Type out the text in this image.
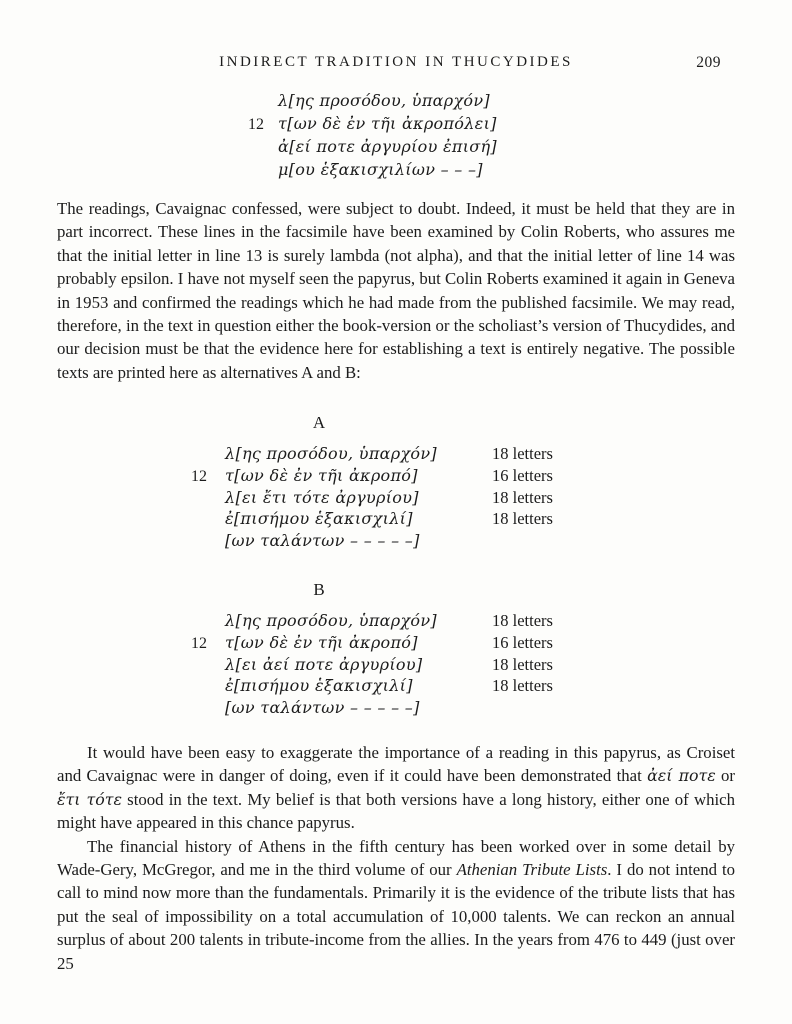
INDIRECT TRADITION IN THUCYDIDES	209
λ[ης προσόδου, ὑπαρχόν]
12 τ[ων δὲ ἐν τῆι ἀκροπόλει]
ἀ[εί ποτε ἀργυρίου ἐπισή]
μ[ου ἑξακισχιλίων – – –]

The readings, Cavaignac confessed, were subject to doubt. Indeed, it must be held that they are in part incorrect. These lines in the facsimile have been examined by Colin Roberts, who assures me that the initial letter in line 13 is surely lambda (not alpha), and that the initial letter of line 14 was probably epsilon. I have not myself seen the papyrus, but Colin Roberts examined it again in Geneva in 1953 and confirmed the readings which he had made from the published facsimile. We may read, therefore, in the text in question either the book-version or the scholiast’s version of Thucydides, and our decision must be that the evidence here for establishing a text is entirely negative. The possible texts are printed here as alternatives A and B:

A
λ[ης προσόδου, ὑπαρχόν]	18 letters
12 τ[ων δὲ ἐν τῆι ἀκροπό]	16 letters
λ[ει ἔτι τότε ἀργυρίου]	18 letters
ἐ[πισήμου ἑξακισχιλί]	18 letters
[ων ταλάντων – – – – –]
B
λ[ης προσόδου, ὑπαρχόν]	18 letters
12 τ[ων δὲ ἐν τῆι ἀκροπό]	16 letters
λ[ει ἀεί ποτε ἀργυρίου]	18 letters
ἐ[πισήμου ἑξακισχιλί]	18 letters
[ων ταλάντων – – – – –]

It would have been easy to exaggerate the importance of a reading in this papyrus, as Croiset and Cavaignac were in danger of doing, even if it could have been demonstrated that ἀεί ποτε or ἔτι τότε stood in the text. My belief is that both versions have a long history, either one of which might have appeared in this chance papyrus.

The financial history of Athens in the fifth century has been worked over in some detail by Wade-Gery, McGregor, and me in the third volume of our Athenian Tribute Lists. I do not intend to call to mind now more than the fundamentals. Primarily it is the evidence of the tribute lists that has put the seal of impossibility on a total accumulation of 10,000 talents. We can reckon an annual surplus of about 200 talents in tribute-income from the allies. In the years from 476 to 449 (just over 25
